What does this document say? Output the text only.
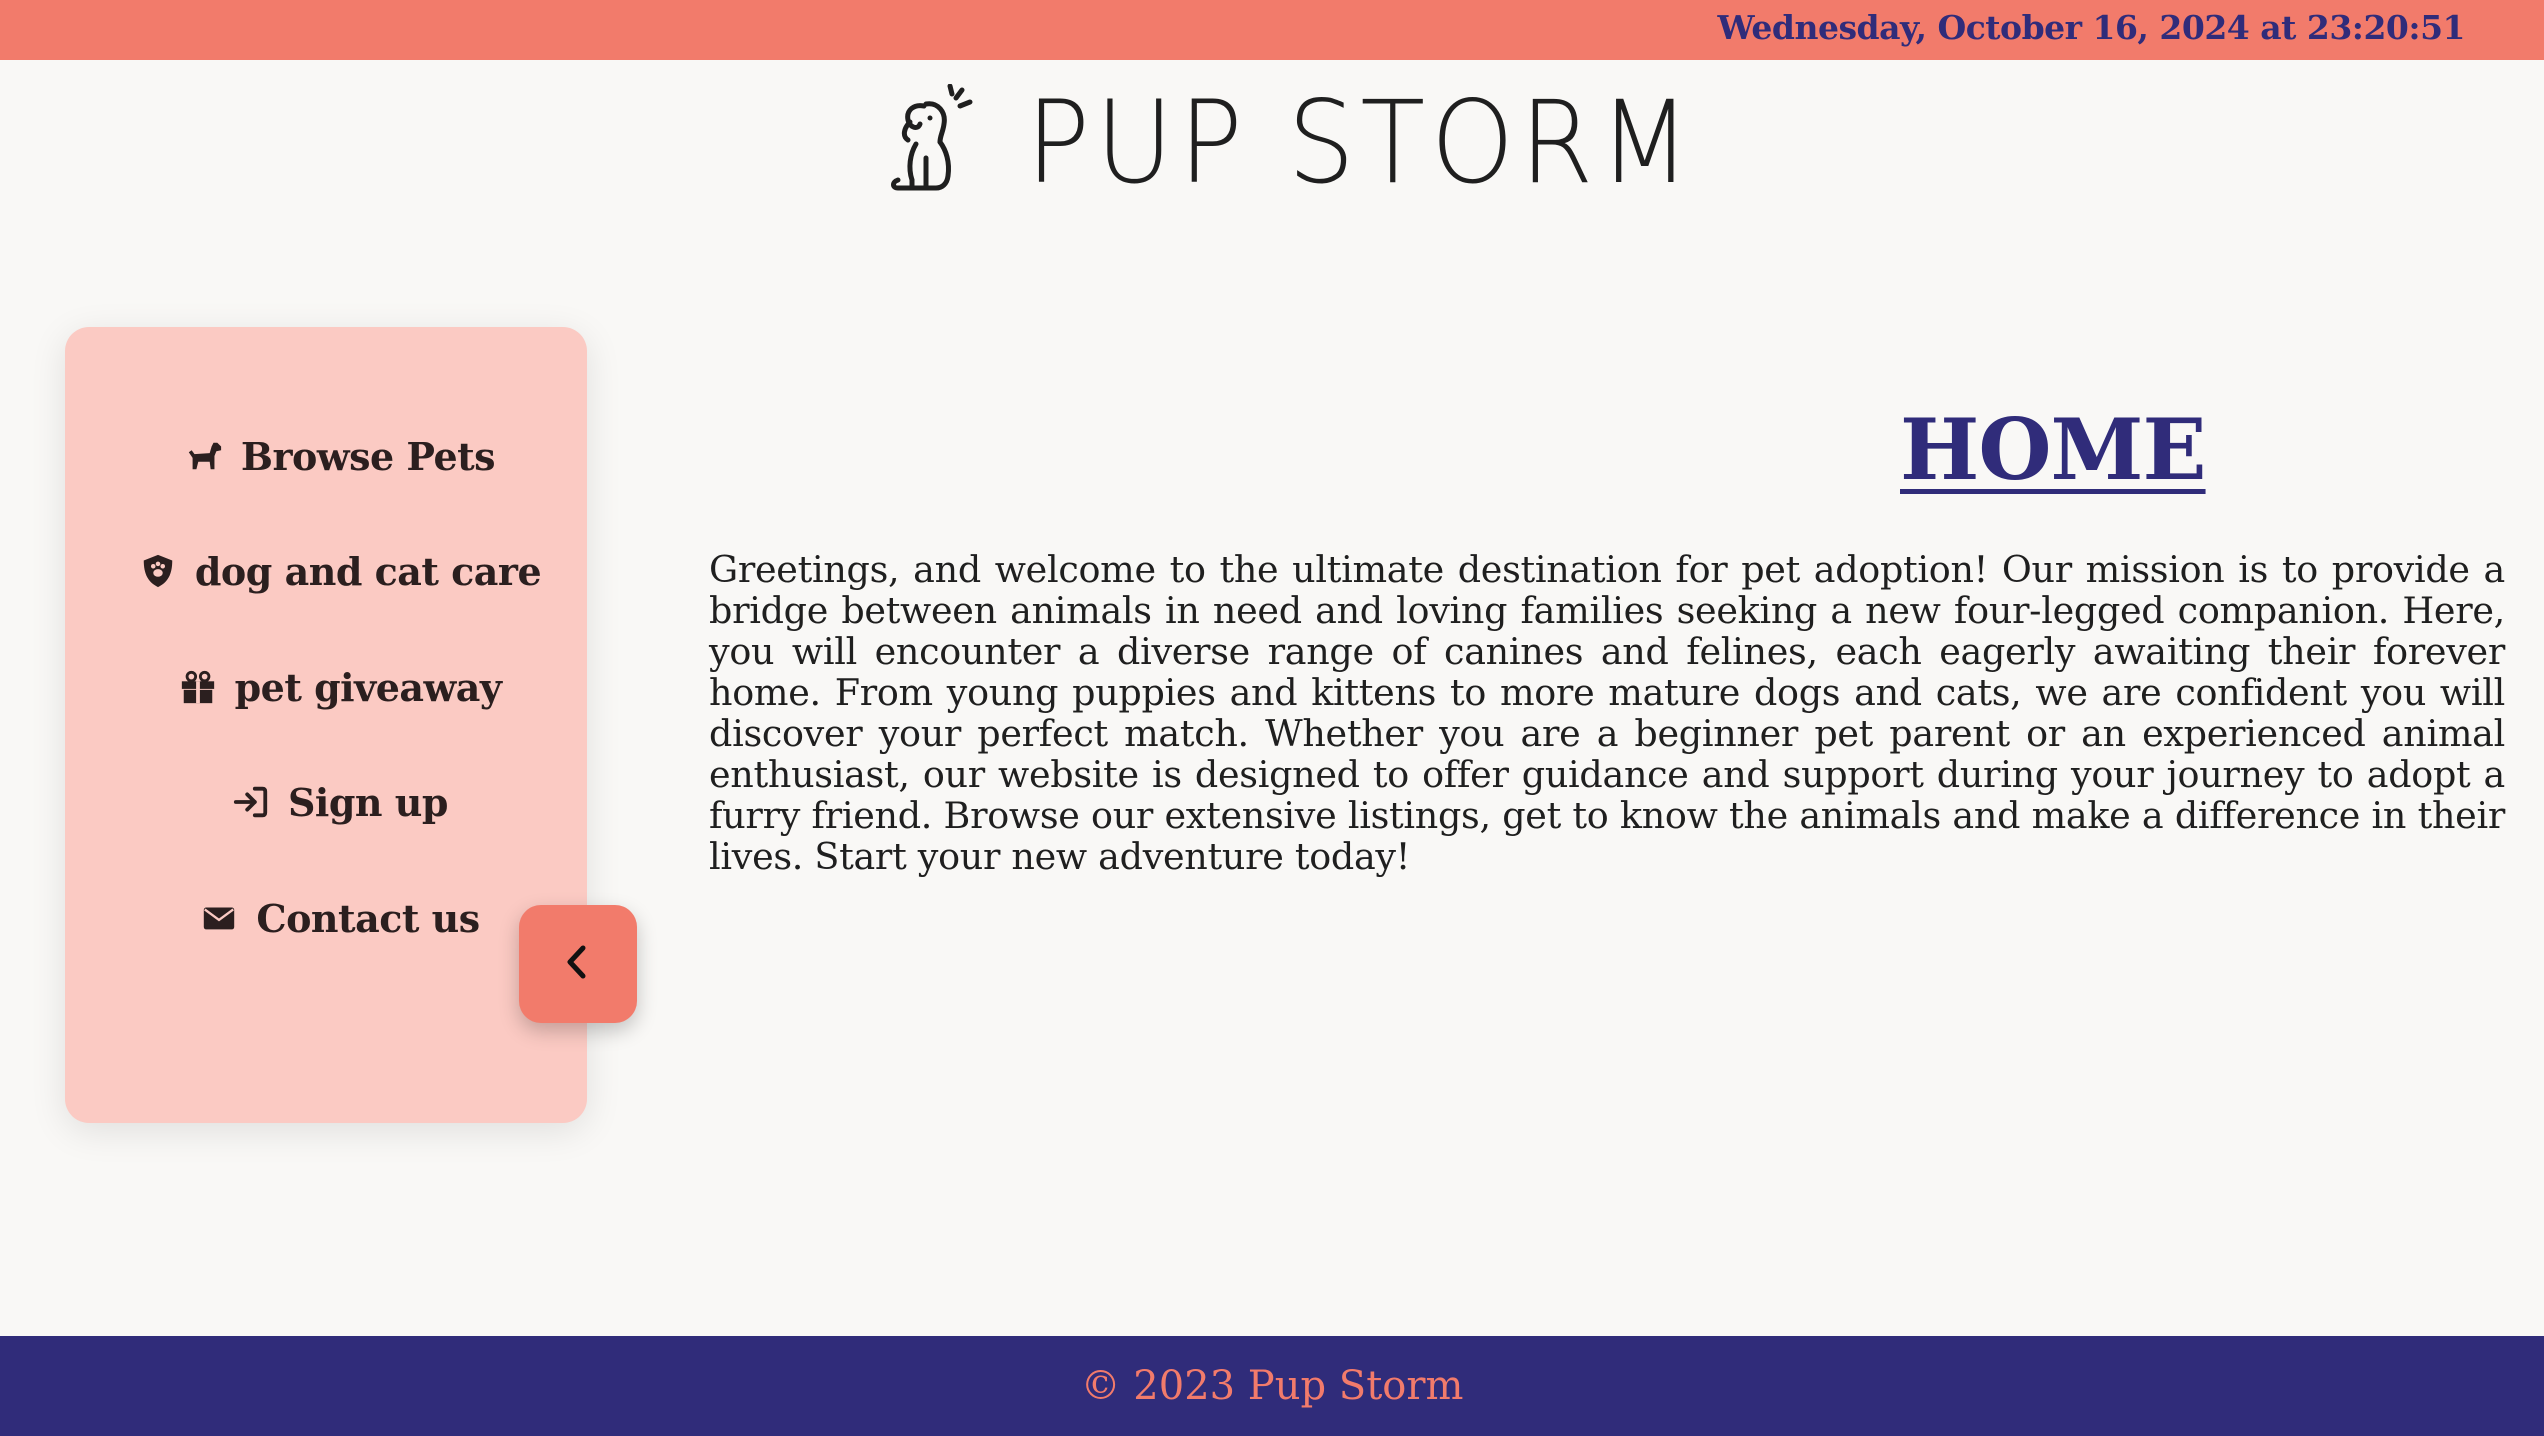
Wednesday, October 16, 2024 at 23:20:51
PUP STORM
Browse Pets
dog and cat care
pet giveaway
Sign up
Contact us
HOME

Greetings, and welcome to the ultimate destination for pet adoption! Our mission is to provide a bridge between animals in need and loving families seeking a new four-legged companion. Here, you will encounter a diverse range of canines and felines, each eagerly awaiting their forever home. From young puppies and kittens to more mature dogs and cats, we are confident you will discover your perfect match. Whether you are a beginner pet parent or an experienced animal enthusiast, our website is designed to offer guidance and support during your journey to adopt a furry friend. Browse our extensive listings, get to know the animals and make a difference in their lives. Start your new adventure today!

© 2023 Pup Storm
